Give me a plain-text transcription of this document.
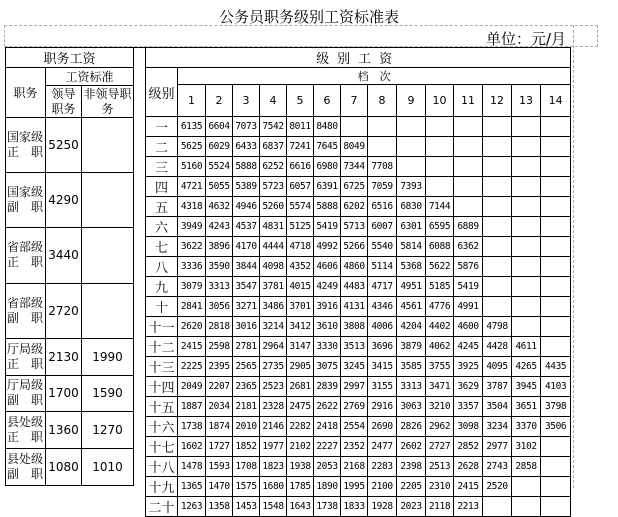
公务员职务级别工资标准表
单位：元/月
职务工资		
职务	工资标准	
	领导职务	非领导职务
国家级正　职	5250	
国家级副　职	4290	
省部级正　职	3440	
省部级副　职	2720	
厅局级正　职	2130	1990
厅局级副　职	1700	1590
县处级正　职	1360	1270
县处级副　职	1080	1010
级别工资														
级别	档　次													
	1	2	3	4	5	6	7	8	9	10	11	12	13	14
一	6135	6604	7073	7542	8011	8480								
二	5625	6029	6433	6837	7241	7645	8049							
三	5160	5524	5888	6252	6616	6980	7344	7708						
四	4721	5055	5389	5723	6057	6391	6725	7059	7393					
五	4318	4632	4946	5260	5574	5888	6202	6516	6830	7144				
六	3949	4243	4537	4831	5125	5419	5713	6007	6301	6595	6889			
七	3622	3896	4170	4444	4718	4992	5266	5540	5814	6088	6362			
八	3336	3590	3844	4098	4352	4606	4860	5114	5368	5622	5876			
九	3079	3313	3547	3781	4015	4249	4483	4717	4951	5185	5419			
十	2841	3056	3271	3486	3701	3916	4131	4346	4561	4776	4991			
十一	2620	2818	3016	3214	3412	3610	3808	4006	4204	4402	4600	4798		
十二	2415	2598	2781	2964	3147	3330	3513	3696	3879	4062	4245	4428	4611	
十三	2225	2395	2565	2735	2905	3075	3245	3415	3585	3755	3925	4095	4265	4435
十四	2049	2207	2365	2523	2681	2839	2997	3155	3313	3471	3629	3787	3945	4103
十五	1887	2034	2181	2328	2475	2622	2769	2916	3063	3210	3357	3504	3651	3798
十六	1738	1874	2010	2146	2282	2418	2554	2690	2826	2962	3098	3234	3370	3506
十七	1602	1727	1852	1977	2102	2227	2352	2477	2602	2727	2852	2977	3102	
十八	1478	1593	1708	1823	1938	2053	2168	2283	2398	2513	2628	2743	2858	
十九	1365	1470	1575	1680	1785	1890	1995	2100	2205	2310	2415	2520		
二十	1263	1358	1453	1548	1643	1738	1833	1928	2023	2118	2213			
